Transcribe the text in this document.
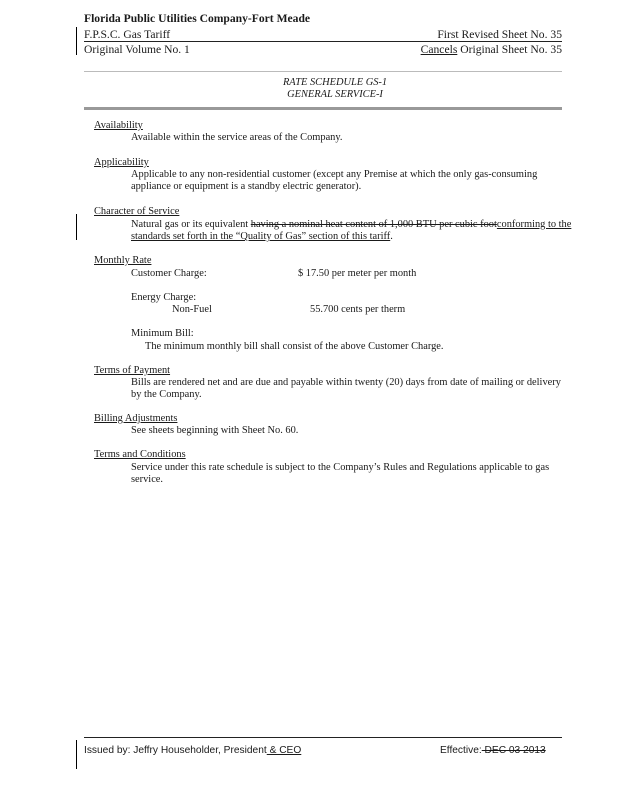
Florida Public Utilities Company-Fort Meade
F.P.S.C. Gas Tariff	First Revised Sheet No. 35
Original Volume No. 1	Cancels Original Sheet No. 35
RATE SCHEDULE GS-1
GENERAL SERVICE-I
Availability
Available within the service areas of the Company.
Applicability
Applicable to any non-residential customer (except any Premise at which the only gas-consuming
appliance or equipment is a standby electric generator).
Character of Service
Natural gas or its equivalent having a nominal heat content of 1,000 BTU per cubic footconforming to the
standards set forth in the “Quality of Gas” section of this tariff.
Monthly Rate
Customer Charge:	$ 17.50 per meter per month
Energy Charge:
Non-Fuel	55.700 cents per therm
Minimum Bill:
The minimum monthly bill shall consist of the above Customer Charge.
Terms of Payment
Bills are rendered net and are due and payable within twenty (20) days from date of mailing or delivery
by the Company.
Billing Adjustments
See sheets beginning with Sheet No. 60.
Terms and Conditions
Service under this rate schedule is subject to the Company’s Rules and Regulations applicable to gas
service.
Issued by: Jeffry Householder, President & CEO	Effective: DEC 03 2013
